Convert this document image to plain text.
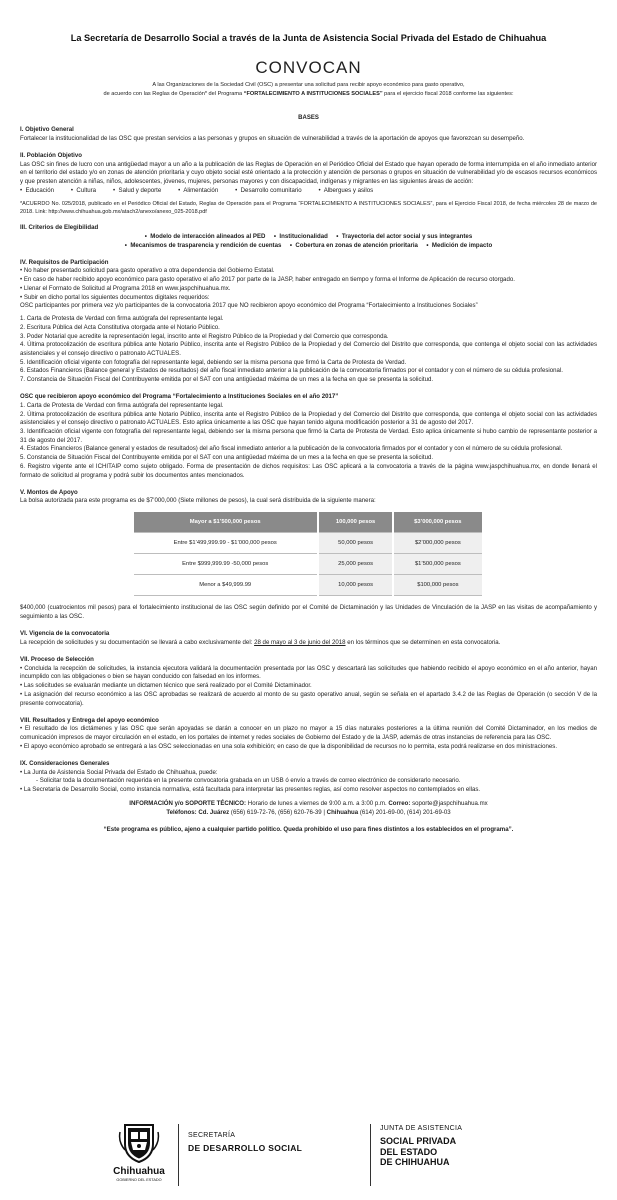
La Secretaría de Desarrollo Social a través de la Junta de Asistencia Social Privada del Estado de Chihuahua
CONVOCAN
A las Organizaciones de la Sociedad Civil (OSC) a presentar una solicitud para recibir apoyo económico para gasto operativo,
de acuerdo con las Reglas de Operación* del Programa “FORTALECIMIENTO A INSTITUCIONES SOCIALES” para el ejercicio fiscal 2018 conforme las siguientes:
BASES

I. Objetivo General

Fortalecer la institucionalidad de las OSC que prestan servicios a las personas y grupos en situación de vulnerabilidad a través de la aportación de apoyos que favorezcan su desempeño.

II. Población Objetivo

Las OSC sin fines de lucro con una antigüedad mayor a un año a la publicación de las Reglas de Operación en el Periódico Oficial del Estado que hayan operado de forma interrumpida en el año inmediato anterior en el territorio del estado y/o en zonas de atención prioritaria y cuyo objeto social esté orientado a la protección y atención de personas o grupos en situación de vulnerabilidad y/o de escasos recursos económicos y que presten atención a niñas, niños, adolescentes, jóvenes, mujeres, personas mayores y con discapacidad, indígenas y migrantes en las siguientes áreas de acción:

•  Educación          •  Cultura          •  Salud y deporte          •  Alimentación          •  Desarrollo comunitario          •  Albergues y asilos

*ACUERDO No. 025/2018, publicado en el Periódico Oficial del Estado, Reglas de Operación para el Programa “FORTALECIMIENTO A INSTITUCIONES SOCIALES”, para el Ejercicio Fiscal 2018, de fecha miércoles 28 de marzo de 2018. Link: http://www.chihuahua.gob.mx/atach2/anexo/anexo_025-2018.pdf

III. Criterios de Elegibilidad

•  Modelo de interacción alineados al PED     •  Institucionalidad     •  Trayectoria del actor social y sus integrantes

•  Mecanismos de trasparencia y rendición de cuentas     •  Cobertura en zonas de atención prioritaria     •  Medición de impacto

IV. Requisitos de Participación

• No haber presentado solicitud para gasto operativo a otra dependencia del Gobierno Estatal.

• En caso de haber recibido apoyo económico para gasto operativo el año 2017 por parte de la JASP, haber entregado en tiempo y forma el Informe de Aplicación de recurso otorgado.

• Llenar el Formato de Solicitud al Programa 2018 en www.jaspchihuahua.mx.

• Subir en dicho portal los siguientes documentos digitales requeridos:

OSC participantes por primera vez y/o participantes de la convocatoria 2017 que NO recibieron apoyo económico del Programa “Fortalecimiento a Instituciones Sociales”

1. Carta de Protesta de Verdad con firma autógrafa del representante legal.

2. Escritura Pública del Acta Constitutiva otorgada ante el Notario Público.

3. Poder Notarial que acredite la representación legal, inscrito ante el Registro Público de la Propiedad y del Comercio que corresponda.

4. Última protocolización de escritura pública ante Notario Público, inscrita ante el Registro Público de la Propiedad y del Comercio del Distrito que corresponda, que contenga el objeto social con las actividades asistenciales y el consejo directivo o patronato ACTUALES.

5. Identificación oficial vigente con fotografía del representante legal, debiendo ser la misma persona que firmó la Carta de Protesta de Verdad.

6. Estados Financieros (Balance general y Estados de resultados) del año fiscal inmediato anterior a la publicación de la convocatoria firmados por el contador y con el número de su cédula profesional.

7. Constancia de Situación Fiscal del Contribuyente emitida por el SAT con una antigüedad máxima de un mes a la fecha en que se presenta la solicitud.

OSC que recibieron apoyo económico del Programa “Fortalecimiento a Instituciones Sociales en el año 2017”

1. Carta de Protesta de Verdad con firma autógrafa del representante legal.

2. Última protocolización de escritura pública ante Notario Público, inscrita ante el Registro Público de la Propiedad y del Comercio del Distrito que corresponda, que contenga el objeto social con las actividades asistenciales y el consejo directivo o patronato ACTUALES. Esto aplica únicamente a las OSC que hayan tenido alguna modificación posterior a 31 de agosto del 2017.

3. Identificación oficial vigente con fotografía del representante legal, debiendo ser la misma persona que firmó la Carta de Protesta de Verdad. Esto aplica únicamente si hubo cambio de representante posterior a 31 de agosto del 2017.

4. Estados Financieros (Balance general y estados de resultados) del año fiscal inmediato anterior a la publicación de la convocatoria firmados por el contador y con el número de su cédula profesional.

5. Constancia de Situación Fiscal del Contribuyente emitida por el SAT con una antigüedad máxima de un mes a la fecha en que se presenta la solicitud.

6. Registro vigente ante el ICHITAIP como sujeto obligado. Forma de presentación de dichos requisitos: Las OSC aplicará a la convocatoria a través de la página www.jaspchihuahua.mx, en donde llenará el formato de solicitud al programa y podrá subir los documentos antes mencionados.

V. Montos de Apoyo

La bolsa autorizada para este programa es de $7’000,000 (Siete millones de pesos), la cual será distribuida de la siguiente manera:

Mayor a $1’500,000 pesos	100,000 pesos	$3’000,000 pesos
Entre $1’499,999.99 - $1’000,000 pesos	50,000 pesos	$2’000,000 pesos
Entre $999,999.99 -50,000 pesos	25,000 pesos	$1’500,000 pesos
Menor a $49,999.99	10,000 pesos	$100,000 pesos

$400,000 (cuatrocientos mil pesos) para el fortalecimiento institucional de las OSC según definido por el Comité de Dictaminación y las Unidades de Vinculación de la JASP en las visitas de acompañamiento y seguimiento a las OSC.

VI. Vigencia de la convocatoria

La recepción de solicitudes y su documentación se llevará a cabo exclusivamente del: 28 de mayo al 3 de junio del 2018 en los términos que se determinen en esta convocatoria.

VII. Proceso de Selección

• Concluida la recepción de solicitudes, la instancia ejecutora validará la documentación presentada por las OSC y descartará las solicitudes que habiendo recibido el apoyo económico en el año anterior, hayan incumplido con las obligaciones o bien se hayan conducido con falsedad en los informes.

• Las solicitudes se evaluarán mediante un dictamen técnico que será realizado por el Comité Dictaminador.

• La asignación del recurso económico a las OSC aprobadas se realizará de acuerdo al monto de su gasto operativo anual, según se señala en el apartado 3.4.2 de las Reglas de Operación (o sección V de la presente convocatoria).

VIII. Resultados y Entrega del apoyo económico

• El resultado de los dictámenes y las OSC que serán apoyadas se darán a conocer en un plazo no mayor a 15 días naturales posteriores a la última reunión del Comité Dictaminador, en los medios de comunicación impresos de mayor circulación en el estado, en los portales de internet y redes sociales de Gobierno del Estado y de la JASP, además de otras instancias de referencia para las OSC.

• El apoyo económico aprobado se entregará a las OSC seleccionadas en una sola exhibición; en caso de que la disponibilidad de recursos no lo permita, esta podrá realizarse en dos ministraciones.

IX. Consideraciones Generales

• La Junta de Asistencia Social Privada del Estado de Chihuahua, puede:

- Solicitar toda la documentación requerida en la presente convocatoria grabada en un USB ó envío a través de correo electrónico de considerarlo necesario.

• La Secretaría de Desarrollo Social, como instancia normativa, está facultada para interpretar las presentes reglas, así como resolver aspectos no contemplados en ellas.

INFORMACIÓN y/o SOPORTE TÉCNICO: Horario de lunes a viernes de 9:00 a.m. a 3:00 p.m. Correo: soporte@jaspchihuahua.mx
Teléfonos: Cd. Juárez (656) 619-72-76, (656) 620-76-39 | Chihuahua (614) 201-69-00, (614) 201-69-03

“Este programa es público, ajeno a cualquier partido político. Queda prohibido el uso para fines distintos a los establecidos en el programa”.

Chihuahua
GOBIERNO DEL ESTADO
SECRETARÍA
DE DESARROLLO SOCIAL
JUNTA DE ASISTENCIA
SOCIAL PRIVADA
DEL ESTADO
DE CHIHUAHUA
